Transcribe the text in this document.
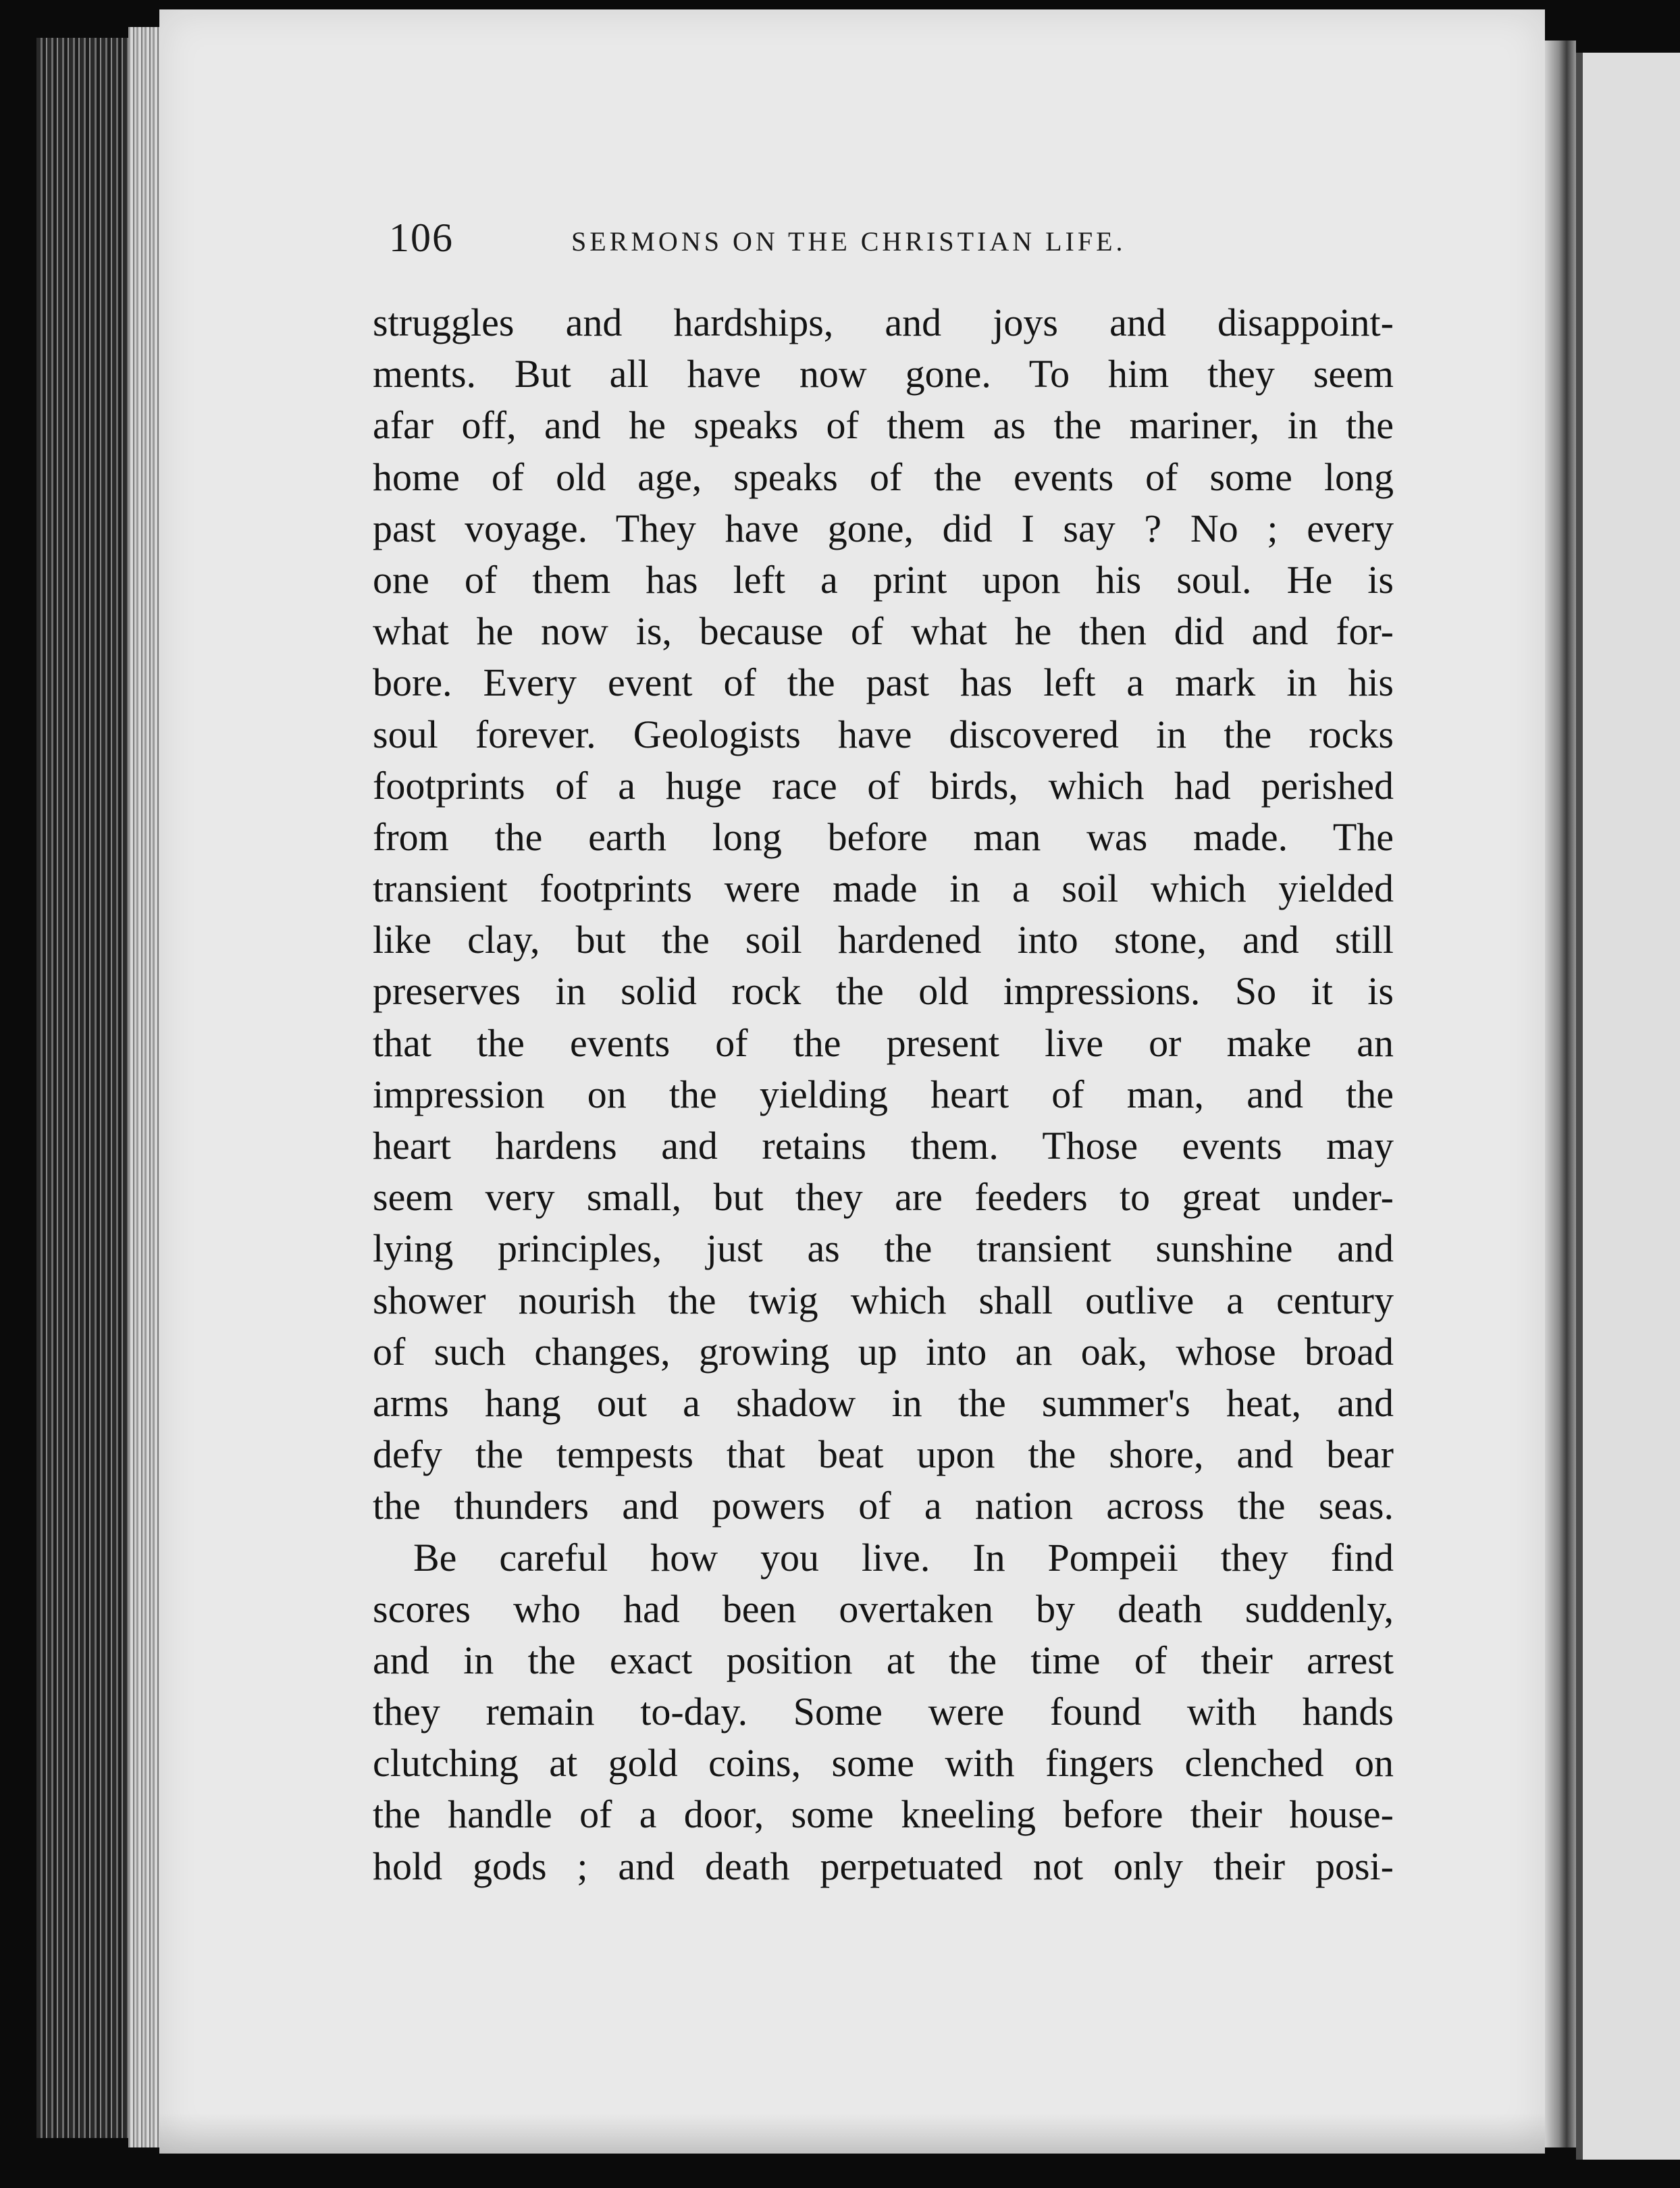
106	SERMONS ON THE CHRISTIAN LIFE.
struggles and hardships, and joys and disappoint-
ments. But all have now gone. To him they seem
afar off, and he speaks of them as the mariner, in the
home of old age, speaks of the events of some long
past voyage. They have gone, did I say ? No ; every
one of them has left a print upon his soul. He is
what he now is, because of what he then did and for-
bore. Every event of the past has left a mark in his
soul forever. Geologists have discovered in the rocks
footprints of a huge race of birds, which had perished
from the earth long before man was made. The
transient footprints were made in a soil which yielded
like clay, but the soil hardened into stone, and still
preserves in solid rock the old impressions. So it is
that the events of the present live or make an
impression on the yielding heart of man, and the
heart hardens and retains them. Those events may
seem very small, but they are feeders to great under-
lying principles, just as the transient sunshine and
shower nourish the twig which shall outlive a century
of such changes, growing up into an oak, whose broad
arms hang out a shadow in the summer's heat, and
defy the tempests that beat upon the shore, and bear
the thunders and powers of a nation across the seas.
Be careful how you live. In Pompeii they find
scores who had been overtaken by death suddenly,
and in the exact position at the time of their arrest
they remain to-day. Some were found with hands
clutching at gold coins, some with fingers clenched on
the handle of a door, some kneeling before their house-
hold gods ; and death perpetuated not only their posi-
